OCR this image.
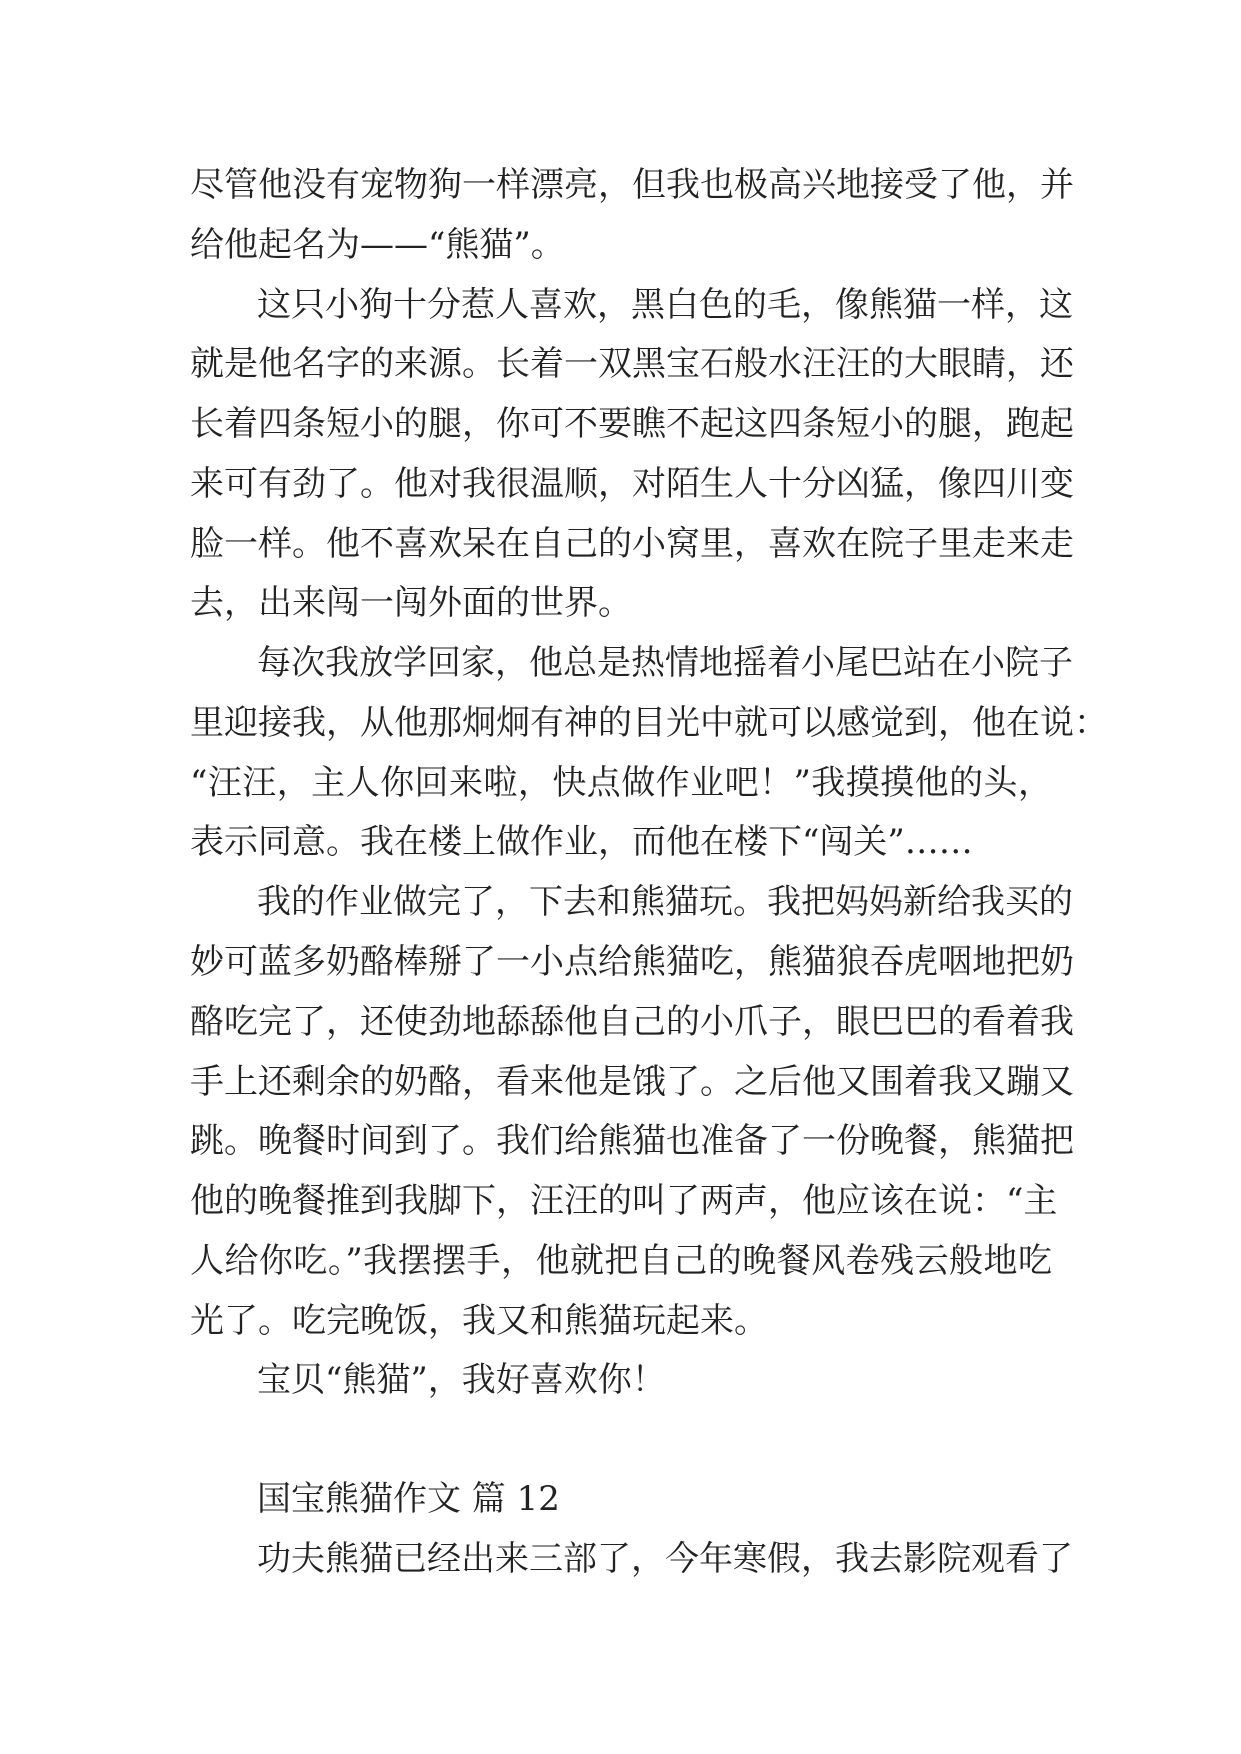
尽管他没有宠物狗一样漂亮，但我也极高兴地接受了他，并
给他起名为——“熊猫”。
这只小狗十分惹人喜欢，黑白色的毛，像熊猫一样，这
就是他名字的来源。长着一双黑宝石般水汪汪的大眼睛，还
长着四条短小的腿，你可不要瞧不起这四条短小的腿，跑起
来可有劲了。他对我很温顺，对陌生人十分凶猛，像四川变
脸一样。他不喜欢呆在自己的小窝里，喜欢在院子里走来走
去，出来闯一闯外面的世界。
每次我放学回家，他总是热情地摇着小尾巴站在小院子
里迎接我，从他那炯炯有神的目光中就可以感觉到，他在说：
“汪汪，主人你回来啦，快点做作业吧！”我摸摸他的头，
表示同意。我在楼上做作业，而他在楼下“闯关”……
我的作业做完了，下去和熊猫玩。我把妈妈新给我买的
妙可蓝多奶酪棒掰了一小点给熊猫吃，熊猫狼吞虎咽地把奶
酪吃完了，还使劲地舔舔他自己的小爪子，眼巴巴的看着我
手上还剩余的奶酪，看来他是饿了。之后他又围着我又蹦又
跳。晚餐时间到了。我们给熊猫也准备了一份晚餐，熊猫把
他的晚餐推到我脚下，汪汪的叫了两声，他应该在说：“主
人给你吃。”我摆摆手，他就把自己的晚餐风卷残云般地吃
光了。吃完晚饭，我又和熊猫玩起来。
宝贝“熊猫”，我好喜欢你！
国宝熊猫作文 篇 12
功夫熊猫已经出来三部了，今年寒假，我去影院观看了
